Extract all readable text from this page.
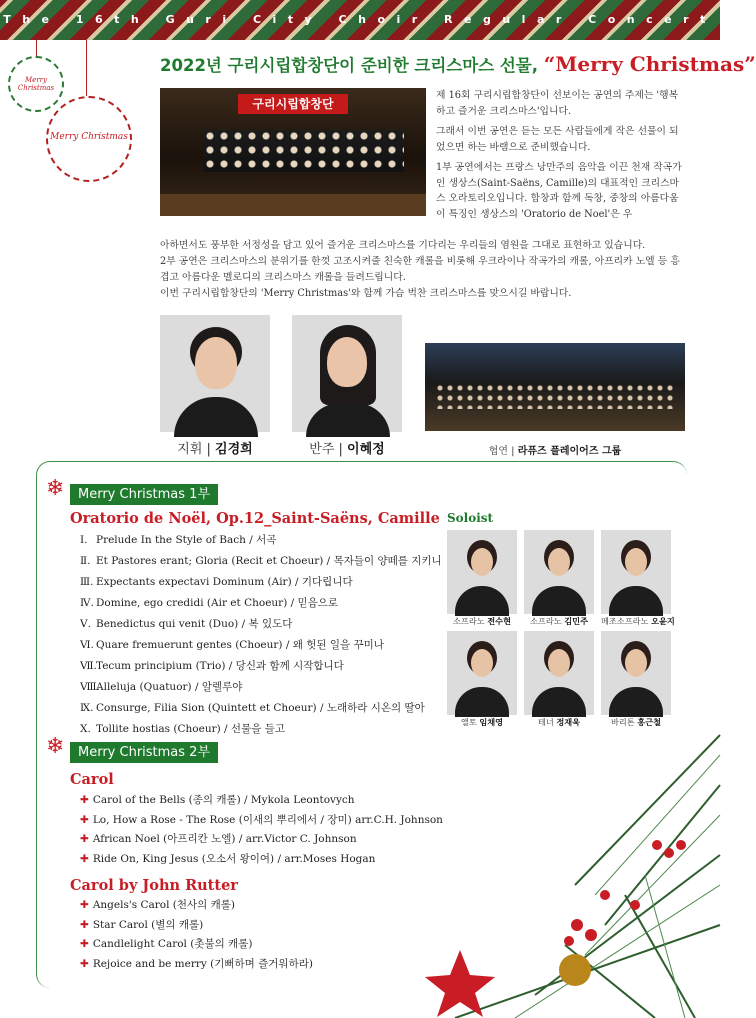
The 16th Guri City Choir Regular Concert
Merry Christmas
Merry Christmas
2022년 구리시립합창단이 준비한 크리스마스 선물, “Merry Christmas”
구리시립합창단

제 16회 구리시립합창단이 선보이는 공연의 주제는 '행복하고 즐거운 크리스마스'입니다.

그래서 이번 공연은 듣는 모든 사람들에게 작은 선물이 되었으면 하는 바램으로 준비했습니다.

1부 공연에서는 프랑스 낭만주의 음악을 이끈 천재 작곡가인 생상스(Saint-Saëns, Camille)의 대표적인 크리스마스 오라토리오입니다. 합창과 함께 독창, 중창의 아름다움이 특징인 생상스의 'Oratorio de Noel'은 우

아하면서도 풍부한 서정성을 담고 있어 즐거운 크리스마스를 기다리는 우리들의 염원을 그대로 표현하고 있습니다.

2부 공연은 크리스마스의 분위기를 한껏 고조시켜줄 친숙한 캐롤을 비롯해 우크라이나 작곡가의 캐롤, 아프리카 노엘 등 흥겹고 아름다운 멜로디의 크리스마스 캐롤을 들려드립니다.

이번 구리시립합창단의 'Merry Christmas'와 함께 가슴 벅찬 크리스마스를 맞으시길 바랍니다.

지휘 | 김경희	반주 | 이혜정	협연 | 라퓨즈 플레이어즈 그룹
❄	Merry Christmas 1부
Oratorio de Noël, Op.12_Saint-Saëns, Camille
Ⅰ. Prelude In the Style of Bach / 서곡
Ⅱ. Et Pastores erant; Gloria (Recit et Choeur) / 목자들이 양떼를 지키니
Ⅲ. Expectants expectavi Dominum (Air) / 기다립니다
Ⅳ. Domine, ego credidi (Air et Choeur) / 믿음으로
Ⅴ. Benedictus qui venit (Duo) / 복 있도다
Ⅵ. Quare fremuerunt gentes (Choeur) / 왜 헛된 일을 꾸미나
Ⅶ.Tecum principium (Trio) / 당신과 함께 시작합니다
Ⅷ.Alleluja (Quatuor) / 알렐루야
Ⅸ. Consurge, Filia Sion (Quintett et Choeur) / 노래하라 시온의 딸아
Ⅹ. Tollite hostias (Choeur) / 선물을 들고
Soloist
소프라노 전수현	소프라노 김민주	메조소프라노 오윤지
앨토 임채영	테너 정재욱	바리톤 홍근철
❄	Merry Christmas 2부
Carol
✚ Carol of the Bells (종의 캐롤) / Mykola Leontovych
✚ Lo, How a Rose - The Rose (이새의 뿌리에서 / 장미) arr.C.H. Johnson
✚ African Noel (아프리칸 노엘) / arr.Victor C. Johnson
✚ Ride On, King Jesus (오소서 왕이여) / arr.Moses Hogan
Carol by John Rutter
✚ Angels's Carol (천사의 캐롤)
✚ Star Carol (별의 캐롤)
✚ Candlelight Carol (촛불의 캐롤)
✚ Rejoice and be merry (기뻐하며 즐거워하라)
